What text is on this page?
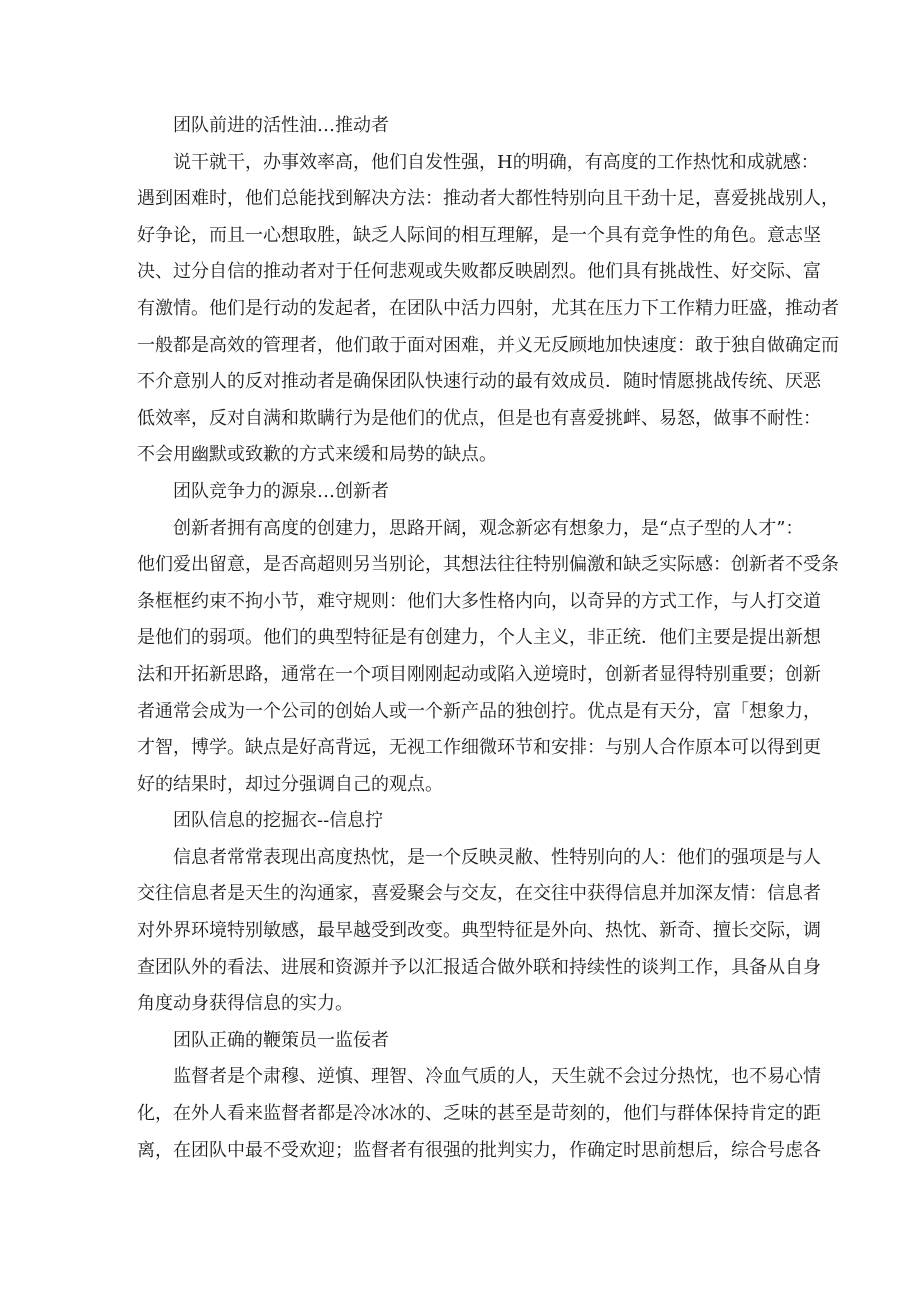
团队前进的活性油…推动者

说干就干，办事效率高，他们自发性强，H的明确，有高度的工作热忱和成就感：
遇到困难时，他们总能找到解决方法：推动者大都性特别向且干劲十足，喜爱挑战别人，
好争论，而且一心想取胜，缺乏人际间的相互理解，是一个具有竞争性的角色。意志坚
决、过分自信的推动者对于任何悲观或失败都反映剧烈。他们具有挑战性、好交际、富
有激情。他们是行动的发起者，在团队中活力四射，尤其在压力下工作精力旺盛，推动者
一般都是高效的管理者，他们敢于面对困难，并义无反顾地加快速度：敢于独自做确定而
不介意别人的反对推动者是确保团队快速行动的最有效成员．随时情愿挑战传统、厌恶
低效率，反对自满和欺瞒行为是他们的优点，但是也有喜爱挑衅、易怒，做事不耐性：
不会用幽默或致歉的方式来缓和局势的缺点。

团队竞争力的源泉…创新者

创新者拥有高度的创建力，思路开阔，观念新宓有想象力，是“点子型的人才”：
他们爱出留意，是否高超则另当别论，其想法往往特别偏激和缺乏实际感：创新者不受条
条框框约束不拘小节，难守规则：他们大多性格内向，以奇异的方式工作，与人打交道
是他们的弱项。他们的典型特征是有创建力，个人主义，非正统．他们主要是提出新想
法和开拓新思路，通常在一个项目刚刚起动或陷入逆境时，创新者显得特别重要；创新
者通常会成为一个公司的创始人或一个新产品的独创拧。优点是有天分，富「想象力，
才智，博学。缺点是好高背远，无视工作细微环节和安排：与别人合作原本可以得到更
好的结果时，却过分强调自己的观点。

团队信息的挖掘衣--信息拧

信息者常常表现出高度热忱，是一个反映灵敝、性特别向的人：他们的强项是与人
交往信息者是天生的沟通家，喜爱聚会与交友，在交往中获得信息并加深友情：信息者
对外界环境特别敏感，最早越受到改变。典型特征是外向、热忱、新奇、擅长交际，调
查团队外的看法、进展和资源并予以汇报适合做外联和持续性的谈判工作，具备从自身
角度动身获得信息的实力。

团队正确的鞭策员一监佞者

监督者是个肃穆、逆慎、理智、冷血气质的人，天生就不会过分热忱，也不易心情
化，在外人看来监督者都是冷冰冰的、乏味的甚至是苛刻的，他们与群体保持肯定的距
离，在团队中最不受欢迎；监督者有很强的批判实力，作确定时思前想后，综合号虑各
